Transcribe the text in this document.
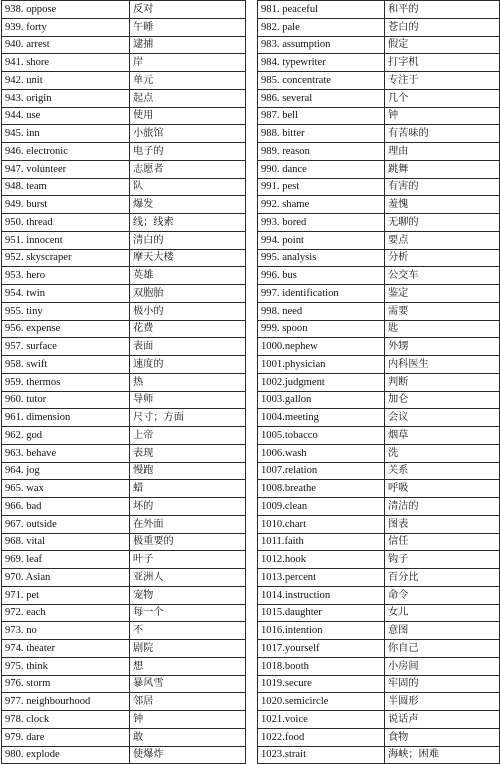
938. oppose	反对
939. forty	午睡
940. arrest	逮捕
941. shore	岸
942. unit	单元
943. origin	起点
944. use	使用
945. inn	小旅馆
946. electronic	电子的
947. volunteer	志愿者
948. team	队
949. burst	爆发
950. thread	线；线索
951. innocent	清白的
952. skyscraper	摩天大楼
953. hero	英雄
954. twin	双胞胎
955. tiny	极小的
956. expense	花费
957. surface	表面
958. swift	速度的
959. thermos	热
960. tutor	导师
961. dimension	尺寸；方面
962. god	上帝
963. behave	表现
964. jog	慢跑
965. wax	蜡
966. bad	坏的
967. outside	在外面
968. vital	极重要的
969. leaf	叶子
970. Asian	亚洲人
971. pet	宠物
972. each	每一个
973. no	不
974. theater	剧院
975. think	想
976. storm	暴风雪
977. neighbourhood	邻居
978. clock	钟
979. dare	敢
980. explode	使爆炸
981. peaceful	和平的
982. pale	苍白的
983. assumption	假定
984. typewriter	打字机
985. concentrate	专注于
986. several	几个
987. bell	钟
988. bitter	有苦味的
989. reason	理由
990. dance	跳舞
991. pest	有害的
992. shame	羞愧
993. bored	无聊的
994. point	要点
995. analysis	分析
996. bus	公交车
997. identification	鉴定
998. need	需要
999. spoon	匙
1000.nephew	外甥
1001.physician	内科医生
1002.judgment	判断
1003.gallon	加仑
1004.meeting	会议
1005.tobacco	烟草
1006.wash	洗
1007.relation	关系
1008.breathe	呼吸
1009.clean	清洁的
1010.chart	图表
1011.faith	信任
1012.hook	钩子
1013.percent	百分比
1014.instruction	命令
1015.daughter	女儿
1016.intention	意图
1017.yourself	你自己
1018.booth	小房间
1019.secure	牢固的
1020.semicircle	半圆形
1021.voice	说话声
1022.food	食物
1023.strait	海峡；困难
